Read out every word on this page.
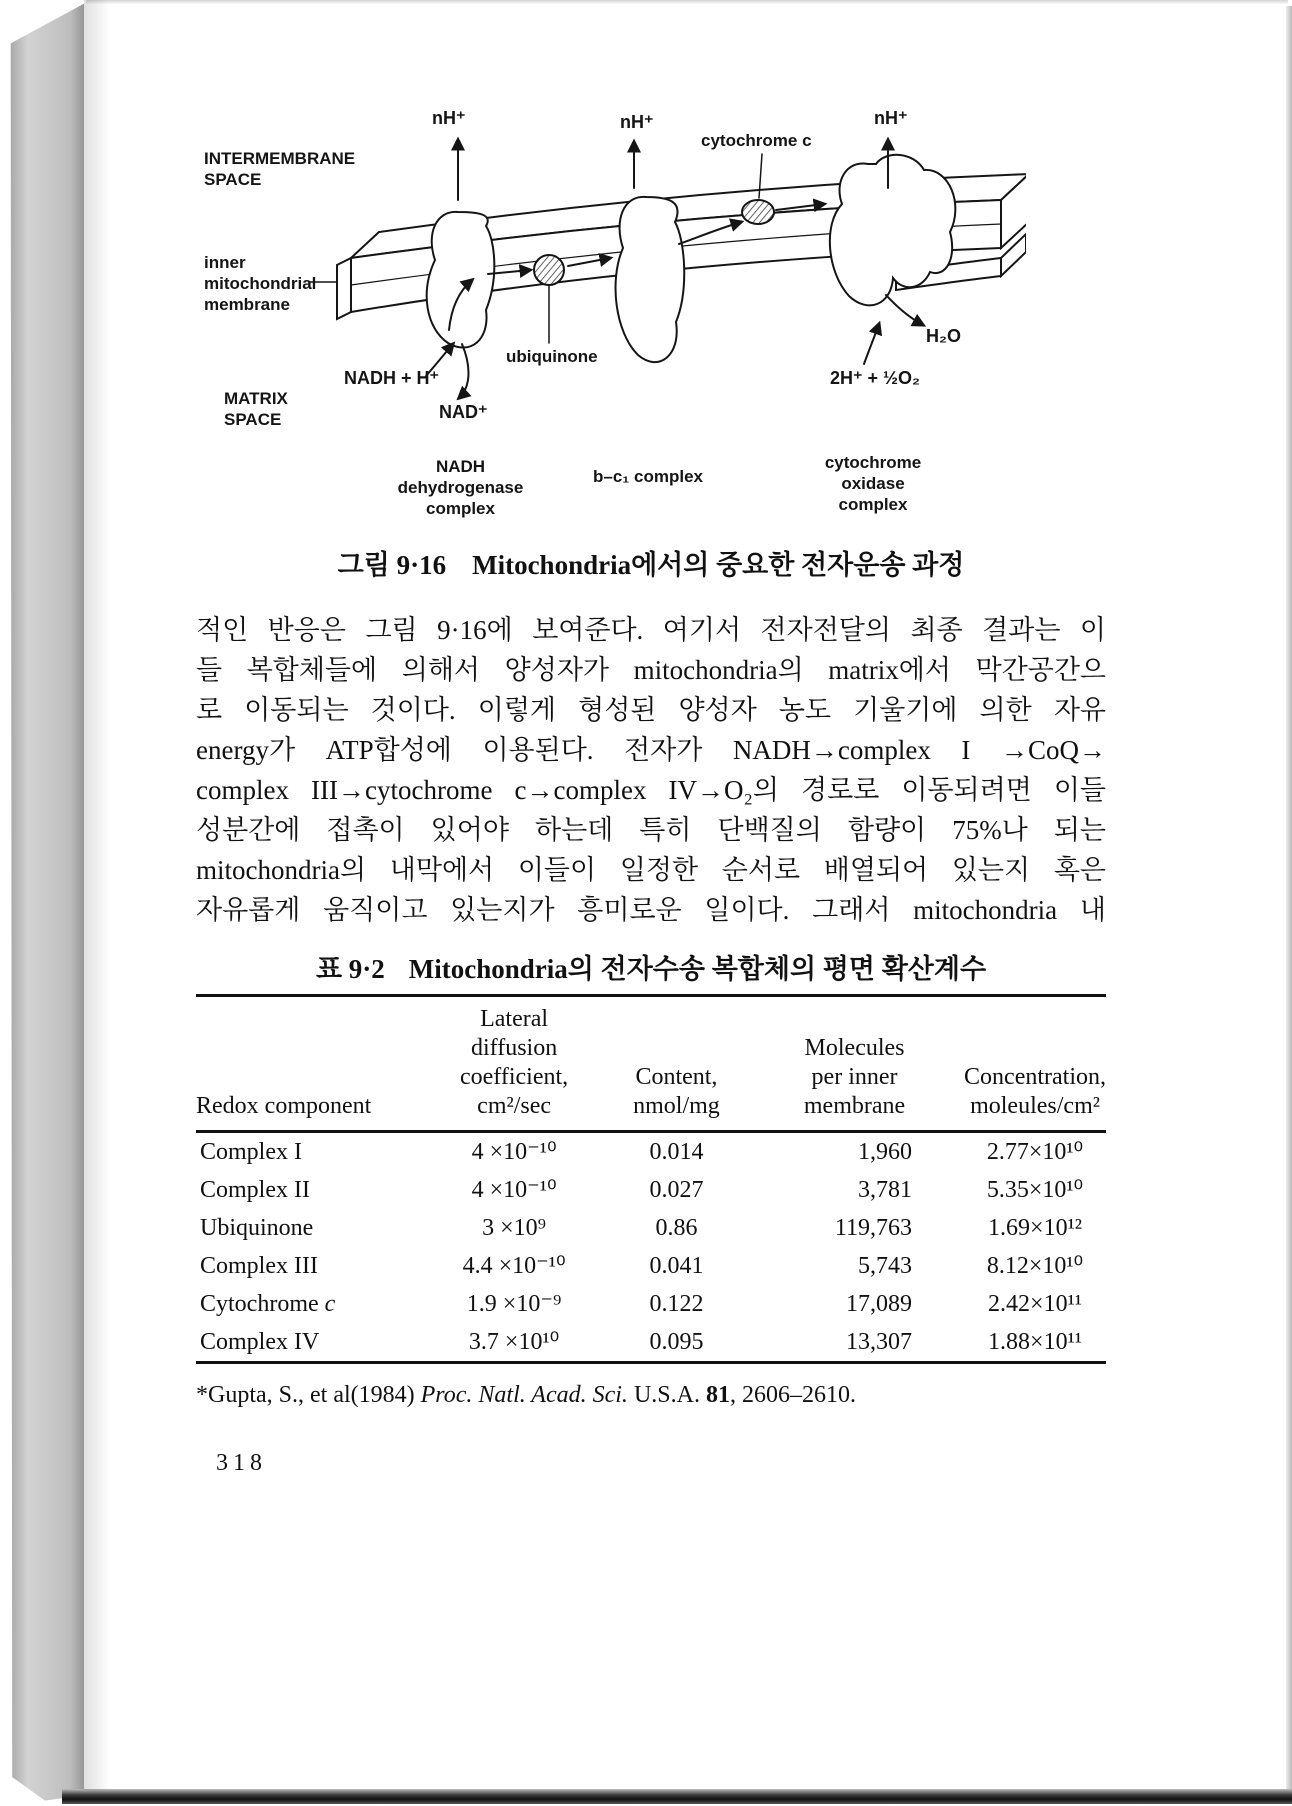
INTERMEMBRANE SPACE
nH⁺	nH⁺	nH⁺
cytochrome c
inner mitochondrial membrane
MATRIX SPACE
NADH + H⁺
NAD⁺
ubiquinone
2H⁺ + ½O₂
H₂O
NADH dehydrogenase complex
b–c₁ complex
cytochrome oxidase complex
그림 9·16 Mitochondria에서의 중요한 전자운송 과정
적인 반응은 그림 9·16에 보여준다. 여기서 전자전달의 최종 결과는 이
들 복합체들에 의해서 양성자가 mitochondria의 matrix에서 막간공간으
로 이동되는 것이다. 이렇게 형성된 양성자 농도 기울기에 의한 자유
energy가 ATP합성에 이용된다. 전자가 NADH→complex I →CoQ→
complex III→cytochrome c→complex IV→O₂의 경로로 이동되려면 이들
성분간에 접촉이 있어야 하는데 특히 단백질의 함량이 75%나 되는
mitochondria의 내막에서 이들이 일정한 순서로 배열되어 있는지 혹은
자유롭게 움직이고 있는지가 흥미로운 일이다. 그래서 mitochondria 내
표 9·2 Mitochondria의 전자수송 복합체의 평면 확산계수
Redox component

Lateral
diffusion
coefficient,
cm²/sec

Content,
nmol/mg

Molecules
per inner
membrane

Concentration,
moleules/cm²

Complex I	4 ×10⁻¹⁰	0.014	1,960	2.77×10¹⁰
Complex II	4 ×10⁻¹⁰	0.027	3,781	5.35×10¹⁰
Ubiquinone	3 ×10⁹	0.86	119,763	1.69×10¹²
Complex III	4.4 ×10⁻¹⁰	0.041	5,743	8.12×10¹⁰
Cytochrome c	1.9 ×10⁻⁹	0.122	17,089	2.42×10¹¹
Complex IV	3.7 ×10¹⁰	0.095	13,307	1.88×10¹¹
*Gupta, S., et al(1984) Proc. Natl. Acad. Sci. U.S.A. 81, 2606–2610.
318
